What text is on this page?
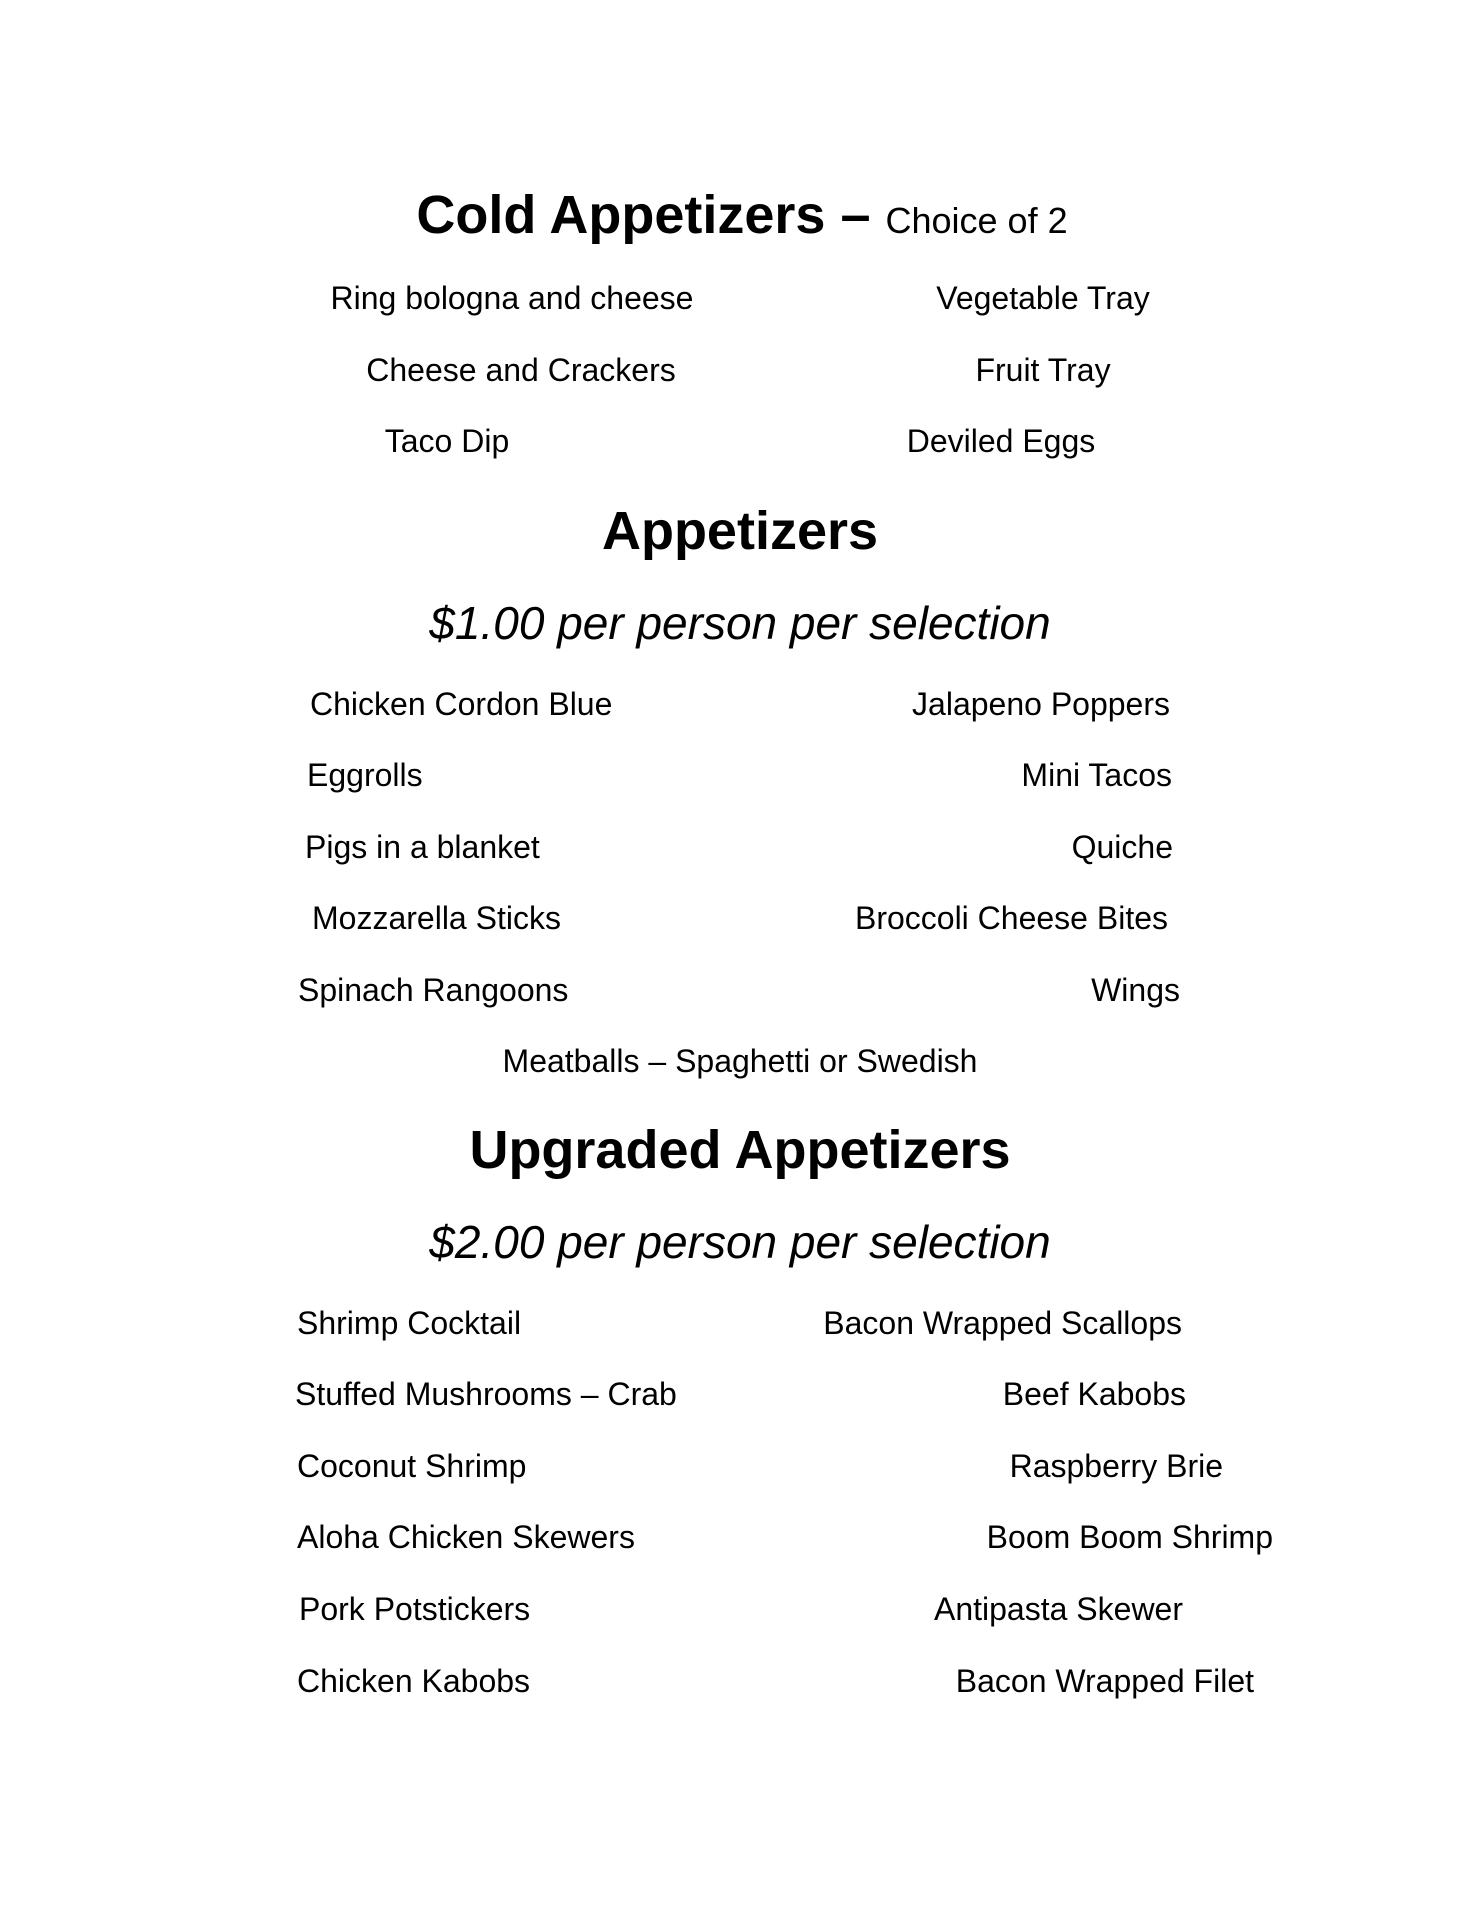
Cold Appetizers – Choice of 2
Ring bologna and cheese	Vegetable Tray
Cheese and Crackers	Fruit Tray
Taco Dip	Deviled Eggs
Appetizers
$1.00 per person per selection
Chicken Cordon Blue	Jalapeno Poppers
Eggrolls	Mini Tacos
Pigs in a blanket	Quiche
Mozzarella Sticks	Broccoli Cheese Bites
Spinach Rangoons	Wings
Meatballs – Spaghetti or Swedish
Upgraded Appetizers
$2.00 per person per selection
Shrimp Cocktail	Bacon Wrapped Scallops
Stuffed Mushrooms – Crab	Beef Kabobs
Coconut Shrimp	Raspberry Brie
Aloha Chicken Skewers	Boom Boom Shrimp
Pork Potstickers	Antipasta Skewer
Chicken Kabobs	Bacon Wrapped Filet
